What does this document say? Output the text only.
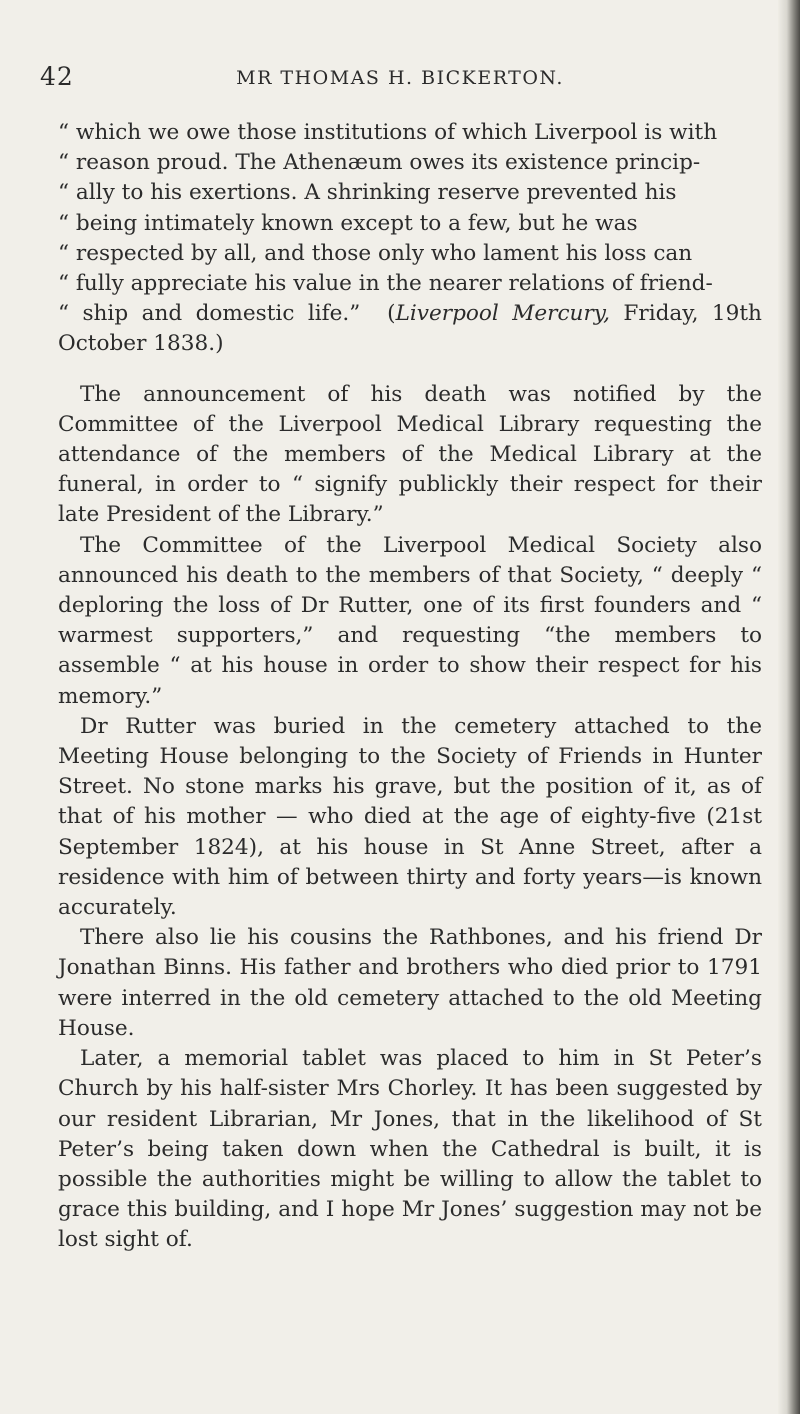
42	MR THOMAS H. BICKERTON.

“ which we owe those institutions of which Liverpool is with
“ reason proud. The Athenæum owes its existence princip-
“ ally to his exertions. A shrinking reserve prevented his
“ being intimately known except to a few, but he was
“ respected by all, and those only who lament his loss can
“ fully appreciate his value in the nearer relations of friend-
“ ship and domestic life.” (Liverpool Mercury, Friday, 19th October 1838.)

The announcement of his death was notified by the Committee of the Liverpool Medical Library requesting the attendance of the members of the Medical Library at the funeral, in order to “ signify publickly their respect for their late President of the Library.”

The Committee of the Liverpool Medical Society also announced his death to the members of that Society, “ deeply “ deploring the loss of Dr Rutter, one of its first founders and “ warmest supporters,” and requesting “the members to assemble “ at his house in order to show their respect for his memory.”

Dr Rutter was buried in the cemetery attached to the Meeting House belonging to the Society of Friends in Hunter Street. No stone marks his grave, but the position of it, as of that of his mother — who died at the age of eighty-five (21st September 1824), at his house in St Anne Street, after a residence with him of between thirty and forty years—is known accurately.

There also lie his cousins the Rathbones, and his friend Dr Jonathan Binns. His father and brothers who died prior to 1791 were interred in the old cemetery attached to the old Meeting House.

Later, a memorial tablet was placed to him in St Peter’s Church by his half-sister Mrs Chorley. It has been suggested by our resident Librarian, Mr Jones, that in the likelihood of St Peter’s being taken down when the Cathedral is built, it is possible the authorities might be willing to allow the tablet to grace this building, and I hope Mr Jones’ suggestion may not be lost sight of.
